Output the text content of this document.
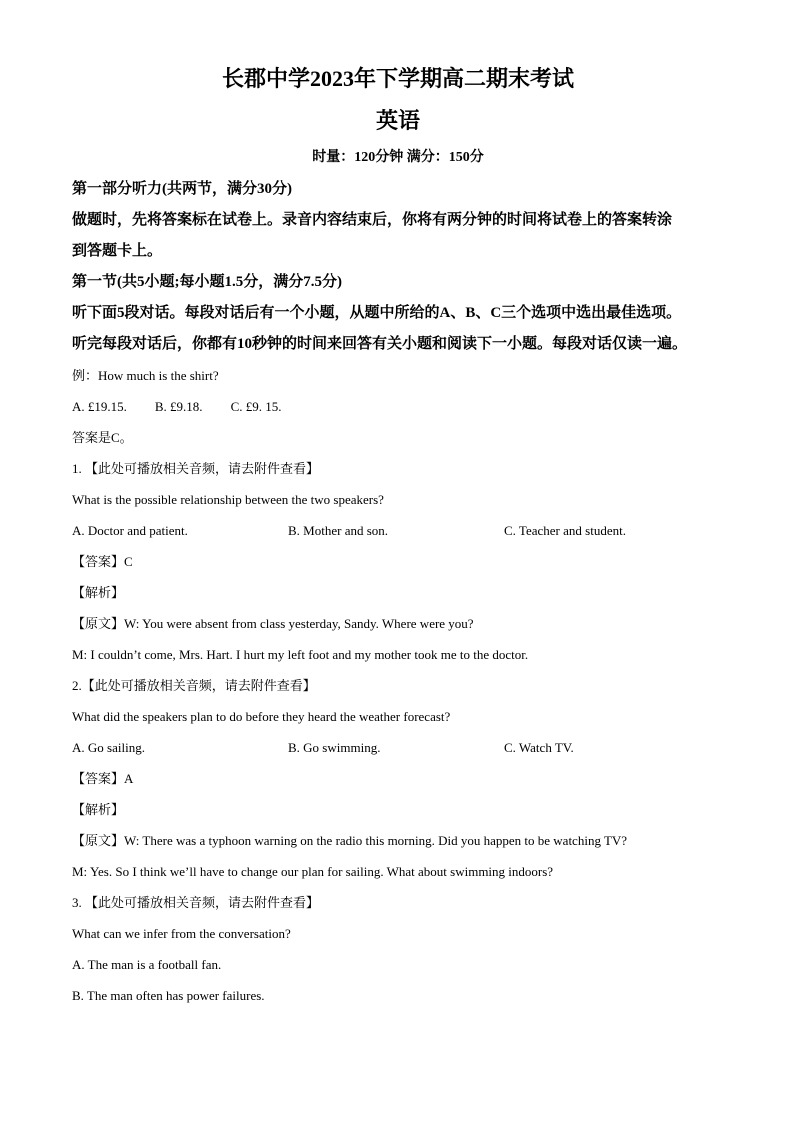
长郡中学2023年下学期高二期末考试
英语

时量：120分钟 满分：150分

第一部分听力(共两节，满分30分)

做题时，先将答案标在试卷上。录音内容结束后，你将有两分钟的时间将试卷上的答案转涂

到答题卡上。

第一节(共5小题;每小题1.5分，满分7.5分)

听下面5段对话。每段对话后有一个小题，从题中所给的A、B、C三个选项中选出最佳选项。

听完每段对话后，你都有10秒钟的时间来回答有关小题和阅读下一小题。每段对话仅读一遍。

例：How much is the shirt?

A. £19.15. B. £9.18. C. £9. 15.

答案是C。

1. 【此处可播放相关音频，请去附件查看】

What is the possible relationship between the two speakers?

A. Doctor and patient.	B. Mother and son.	C. Teacher and student.

【答案】C

【解析】

【原文】W: You were absent from class yesterday, Sandy. Where were you?

M: I couldn’t come, Mrs. Hart. I hurt my left foot and my mother took me to the doctor.

2.【此处可播放相关音频，请去附件查看】

What did the speakers plan to do before they heard the weather forecast?

A. Go sailing.	B. Go swimming.	C. Watch TV.

【答案】A

【解析】

【原文】W: There was a typhoon warning on the radio this morning. Did you happen to be watching TV?

M: Yes. So I think we’ll have to change our plan for sailing. What about swimming indoors?

3. 【此处可播放相关音频，请去附件查看】

What can we infer from the conversation?

A. The man is a football fan.

B. The man often has power failures.
